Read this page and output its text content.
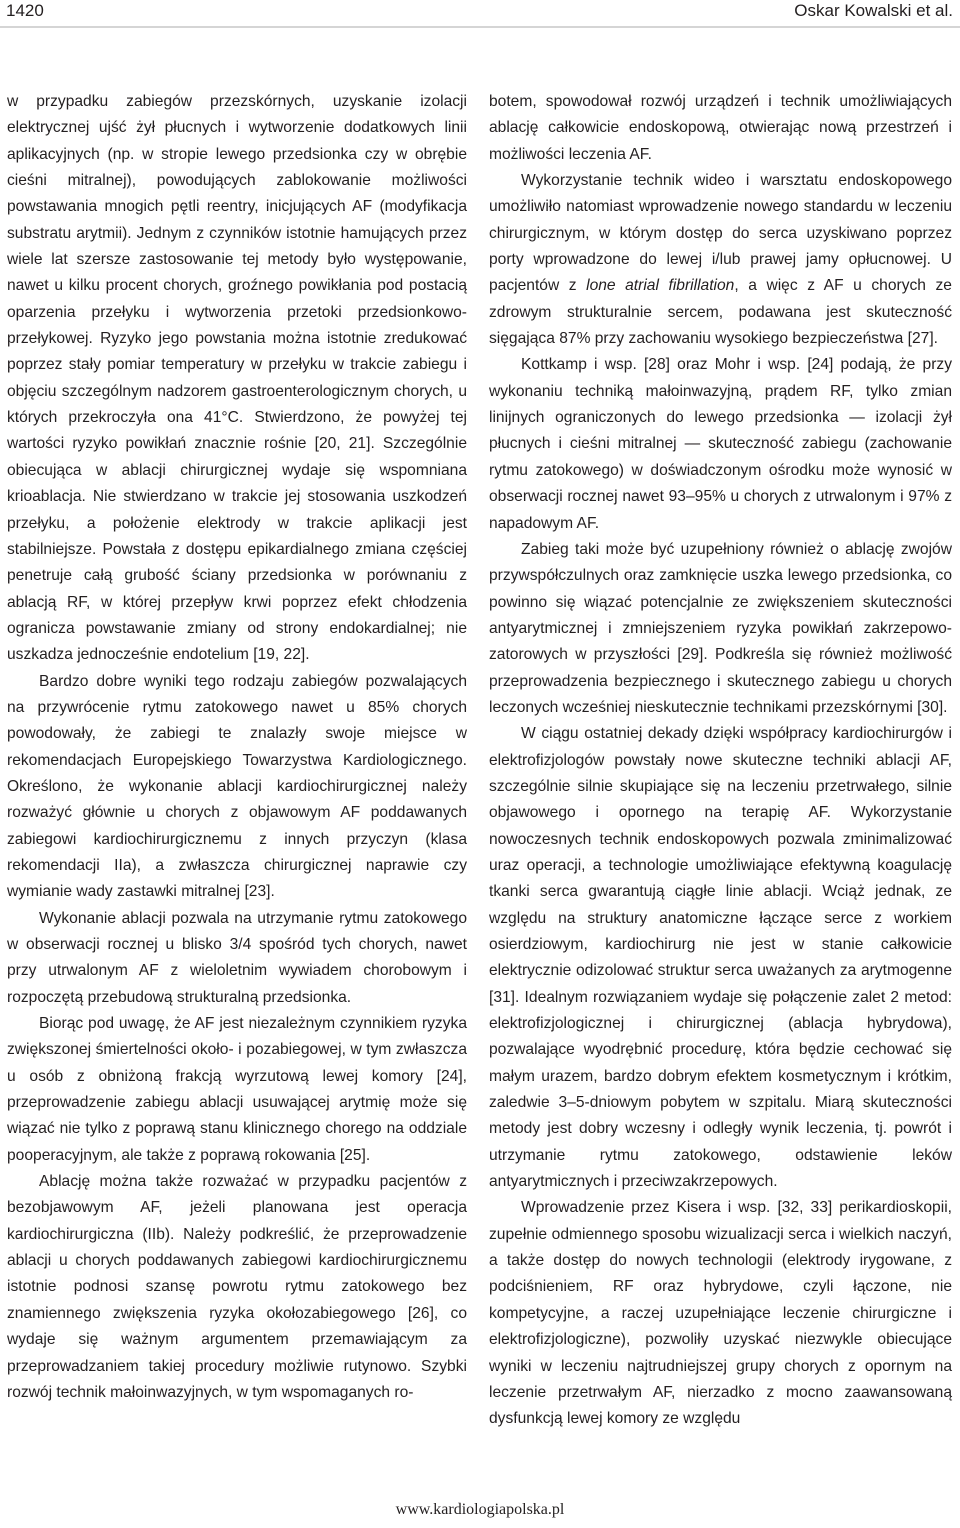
1420	Oskar Kowalski et al.

w przypadku zabiegów przezskórnych, uzyskanie izolacji elektrycznej ujść żył płucnych i wytworzenie dodatkowych linii aplikacyjnych (np. w stropie lewego przedsionka czy w obrębie cieśni mitralnej), powodujących zablokowanie możliwości powstawania mnogich pętli reentry, inicjujących AF (modyfikacja substratu arytmii). Jednym z czynników istotnie hamujących przez wiele lat szersze zastosowanie tej metody było występowanie, nawet u kilku procent chorych, groźnego powikłania pod postacią oparzenia przełyku i wytworzenia przetoki przedsionkowo-przełykowej. Ryzyko jego powstania można istotnie zredukować poprzez stały pomiar temperatury w przełyku w trakcie zabiegu i objęciu szczególnym nadzorem gastroenterologicznym chorych, u których przekroczyła ona 41°C. Stwierdzono, że powyżej tej wartości ryzyko powikłań znacznie rośnie [20, 21]. Szczególnie obiecująca w ablacji chirurgicznej wydaje się wspomniana krioablacja. Nie stwierdzano w trakcie jej stosowania uszkodzeń przełyku, a położenie elektrody w trakcie aplikacji jest stabilniejsze. Powstała z dostępu epikardialnego zmiana częściej penetruje całą grubość ściany przedsionka w porównaniu z ablacją RF, w której przepływ krwi poprzez efekt chłodzenia ogranicza powstawanie zmiany od strony endokardialnej; nie uszkadza jednocześnie endotelium [19, 22].

Bardzo dobre wyniki tego rodzaju zabiegów pozwalających na przywrócenie rytmu zatokowego nawet u 85% chorych powodowały, że zabiegi te znalazły swoje miejsce w rekomendacjach Europejskiego Towarzystwa Kardiologicznego. Określono, że wykonanie ablacji kardiochirurgicznej należy rozważyć głównie u chorych z objawowym AF poddawanych zabiegowi kardiochirurgicznemu z innych przyczyn (klasa rekomendacji IIa), a zwłaszcza chirurgicznej naprawie czy wymianie wady zastawki mitralnej [23].

Wykonanie ablacji pozwala na utrzymanie rytmu zatokowego w obserwacji rocznej u blisko 3/4 spośród tych chorych, nawet przy utrwalonym AF z wieloletnim wywiadem chorobowym i rozpoczętą przebudową strukturalną przedsionka.

Biorąc pod uwagę, że AF jest niezależnym czynnikiem ryzyka zwiększonej śmiertelności około- i pozabiegowej, w tym zwłaszcza u osób z obniżoną frakcją wyrzutową lewej komory [24], przeprowadzenie zabiegu ablacji usuwającej arytmię może się wiązać nie tylko z poprawą stanu klinicznego chorego na oddziale pooperacyjnym, ale także z poprawą rokowania [25].

Ablację można także rozważać w przypadku pacjentów z bezobjawowym AF, jeżeli planowana jest operacja kardiochirurgiczna (IIb). Należy podkreślić, że przeprowadzenie ablacji u chorych poddawanych zabiegowi kardiochirurgicznemu istotnie podnosi szansę powrotu rytmu zatokowego bez znamiennego zwiększenia ryzyka okołozabiegowego [26], co wydaje się ważnym argumentem przemawiającym za przeprowadzaniem takiej procedury możliwie rutynowo. Szybki rozwój technik małoinwazyjnych, w tym wspomaganych ro-

botem, spowodował rozwój urządzeń i technik umożliwiających ablację całkowicie endoskopową, otwierając nową przestrzeń i możliwości leczenia AF.

Wykorzystanie technik wideo i warsztatu endoskopowego umożliwiło natomiast wprowadzenie nowego standardu w leczeniu chirurgicznym, w którym dostęp do serca uzyskiwano poprzez porty wprowadzone do lewej i/lub prawej jamy opłucnowej. U pacjentów z lone atrial fibrillation, a więc z AF u chorych ze zdrowym strukturalnie sercem, podawana jest skuteczność sięgająca 87% przy zachowaniu wysokiego bezpieczeństwa [27].

Kottkamp i wsp. [28] oraz Mohr i wsp. [24] podają, że przy wykonaniu techniką małoinwazyjną, prądem RF, tylko zmian linijnych ograniczonych do lewego przedsionka — izolacji żył płucnych i cieśni mitralnej — skuteczność zabiegu (zachowanie rytmu zatokowego) w doświadczonym ośrodku może wynosić w obserwacji rocznej nawet 93–95% u chorych z utrwalonym i 97% z napadowym AF.

Zabieg taki może być uzupełniony również o ablację zwojów przywspółczulnych oraz zamknięcie uszka lewego przedsionka, co powinno się wiązać potencjalnie ze zwiększeniem skuteczności antyarytmicznej i zmniejszeniem ryzyka powikłań zakrzepowo-zatorowych w przyszłości [29]. Podkreśla się również możliwość przeprowadzenia bezpiecznego i skutecznego zabiegu u chorych leczonych wcześniej nieskutecznie technikami przezskórnymi [30].

W ciągu ostatniej dekady dzięki współpracy kardiochirurgów i elektrofizjologów powstały nowe skuteczne techniki ablacji AF, szczególnie silnie skupiające się na leczeniu przetrwałego, silnie objawowego i opornego na terapię AF. Wykorzystanie nowoczesnych technik endoskopowych pozwala zminimalizować uraz operacji, a technologie umożliwiające efektywną koagulację tkanki serca gwarantują ciągłe linie ablacji. Wciąż jednak, ze względu na struktury anatomiczne łączące serce z workiem osierdziowym, kardiochirurg nie jest w stanie całkowicie elektrycznie odizolować struktur serca uważanych za arytmogenne [31]. Idealnym rozwiązaniem wydaje się połączenie zalet 2 metod: elektrofizjologicznej i chirurgicznej (ablacja hybrydowa), pozwalające wyodrębnić procedurę, która będzie cechować się małym urazem, bardzo dobrym efektem kosmetycznym i krótkim, zaledwie 3–5-dniowym pobytem w szpitalu. Miarą skuteczności metody jest dobry wczesny i odległy wynik leczenia, tj. powrót i utrzymanie rytmu zatokowego, odstawienie leków antyarytmicznych i przeciwzakrzepowych.

Wprowadzenie przez Kisera i wsp. [32, 33] perikardioskopii, zupełnie odmiennego sposobu wizualizacji serca i wielkich naczyń, a także dostęp do nowych technologii (elektrody irygowane, z podciśnieniem, RF oraz hybrydowe, czyli łączone, nie kompetycyjne, a raczej uzupełniające leczenie chirurgiczne i elektrofizjologiczne), pozwoliły uzyskać niezwykle obiecujące wyniki w leczeniu najtrudniejszej grupy chorych z opornym na leczenie przetrwałym AF, nierzadko z mocno zaawansowaną dysfunkcją lewej komory ze względu

www.kardiologiapolska.pl
